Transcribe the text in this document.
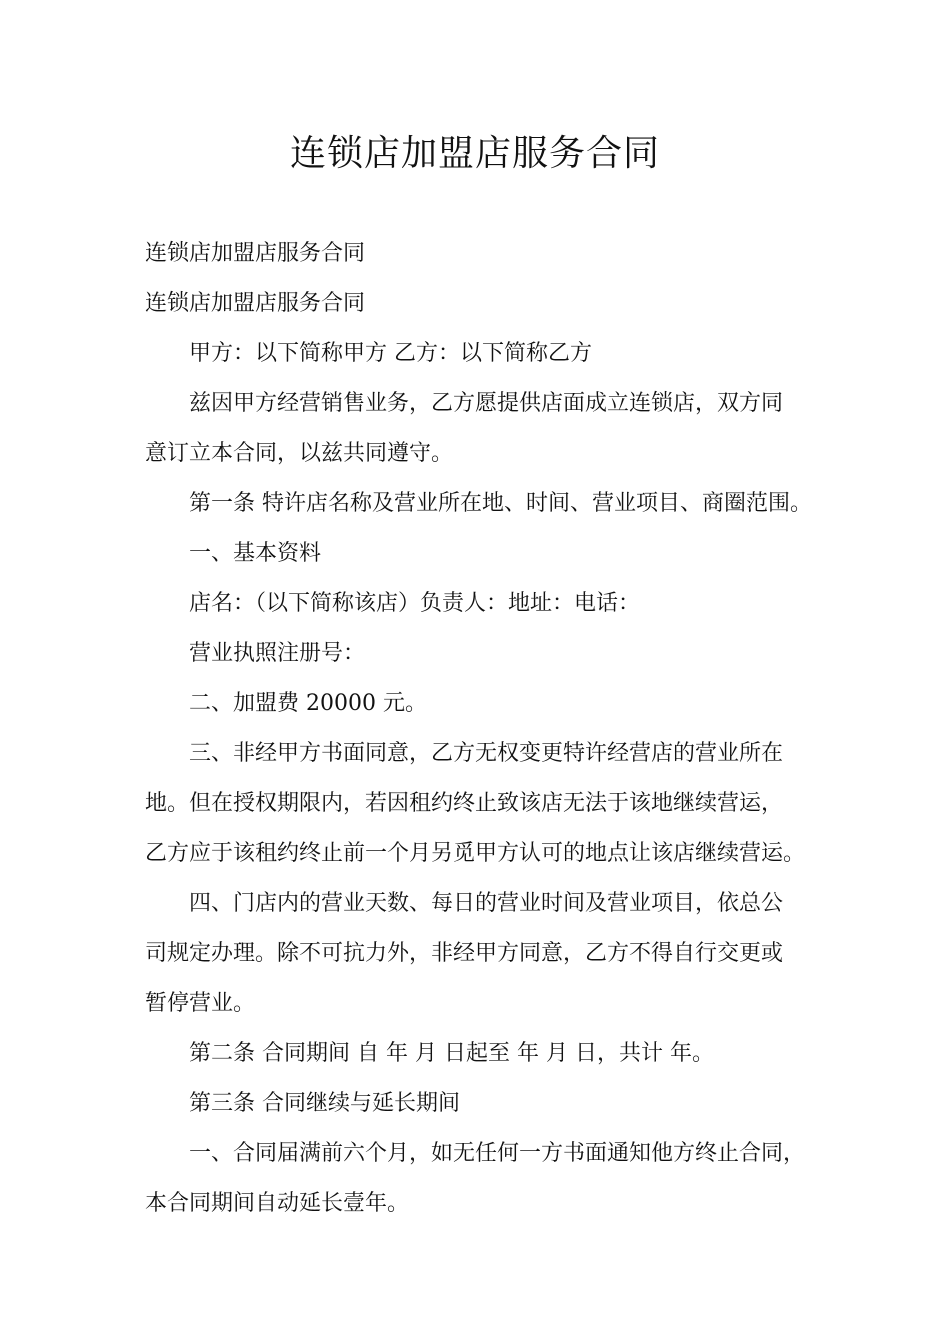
连锁店加盟店服务合同
连锁店加盟店服务合同
连锁店加盟店服务合同
甲方：以下简称甲方 乙方：以下简称乙方
兹因甲方经营销售业务，乙方愿提供店面成立连锁店，双方同
意订立本合同，以兹共同遵守。
第一条 特许店名称及营业所在地、时间、营业项目、商圈范围。
一、基本资料
店名：（以下简称该店）负责人：地址：电话：
营业执照注册号：
二、加盟费 20000 元。
三、非经甲方书面同意，乙方无权变更特许经营店的营业所在
地。但在授权期限内，若因租约终止致该店无法于该地继续营运，
乙方应于该租约终止前一个月另觅甲方认可的地点让该店继续营运。
四、门店内的营业天数、每日的营业时间及营业项目，依总公
司规定办理。除不可抗力外，非经甲方同意，乙方不得自行交更或
暂停营业。
第二条 合同期间 自 年 月 日起至 年 月 日，共计 年。
第三条 合同继续与延长期间
一、合同届满前六个月，如无任何一方书面通知他方终止合同，
本合同期间自动延长壹年。
